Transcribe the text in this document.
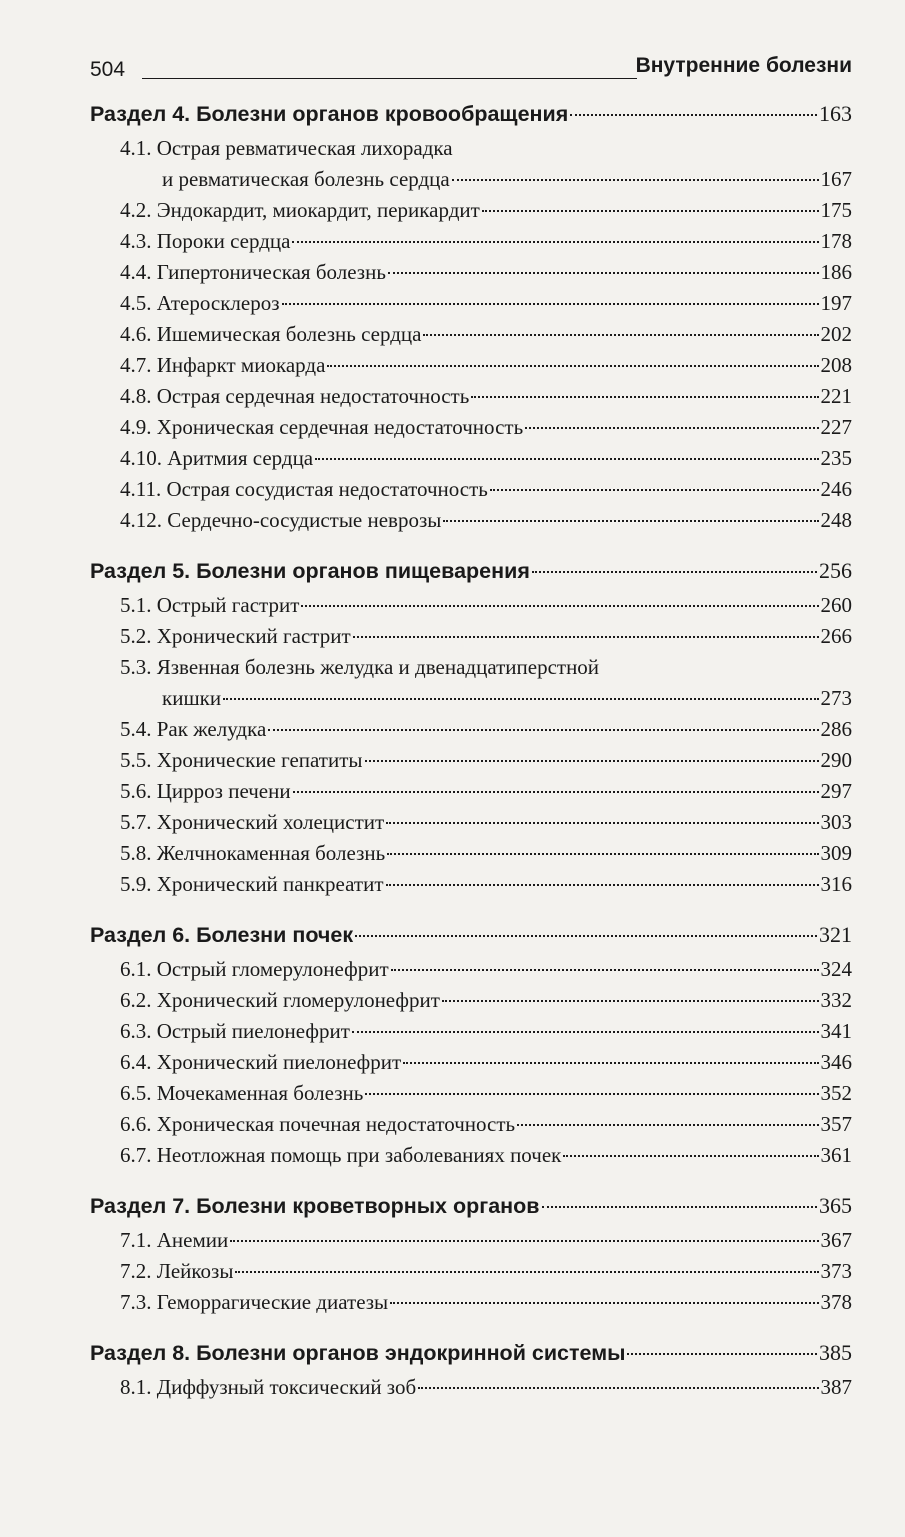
504	Внутренние болезни
Раздел 4. Болезни органов кровообращения	163
4.1. Острая ревматическая лихорадка
и ревматическая болезнь сердца	167
4.2. Эндокардит, миокардит, перикардит	175
4.3. Пороки сердца	178
4.4. Гипертоническая болезнь	186
4.5. Атеросклероз	197
4.6. Ишемическая болезнь сердца	202
4.7. Инфаркт миокарда	208
4.8. Острая сердечная недостаточность	221
4.9. Хроническая сердечная недостаточность	227
4.10. Аритмия сердца	235
4.11. Острая сосудистая недостаточность	246
4.12. Сердечно-сосудистые неврозы	248
Раздел 5. Болезни органов пищеварения	256
5.1. Острый гастрит	260
5.2. Хронический гастрит	266
5.3. Язвенная болезнь желудка и двенадцатиперстной
кишки	273
5.4. Рак желудка	286
5.5. Хронические гепатиты	290
5.6. Цирроз печени	297
5.7. Хронический холецистит	303
5.8. Желчнокаменная болезнь	309
5.9. Хронический панкреатит	316
Раздел 6. Болезни почек	321
6.1. Острый гломерулонефрит	324
6.2. Хронический гломерулонефрит	332
6.3. Острый пиелонефрит	341
6.4. Хронический пиелонефрит	346
6.5. Мочекаменная болезнь	352
6.6. Хроническая почечная недостаточность	357
6.7. Неотложная помощь при заболеваниях почек	361
Раздел 7. Болезни кроветворных органов	365
7.1. Анемии	367
7.2. Лейкозы	373
7.3. Геморрагические диатезы	378
Раздел 8. Болезни органов эндокринной системы	385
8.1. Диффузный токсический зоб	387
